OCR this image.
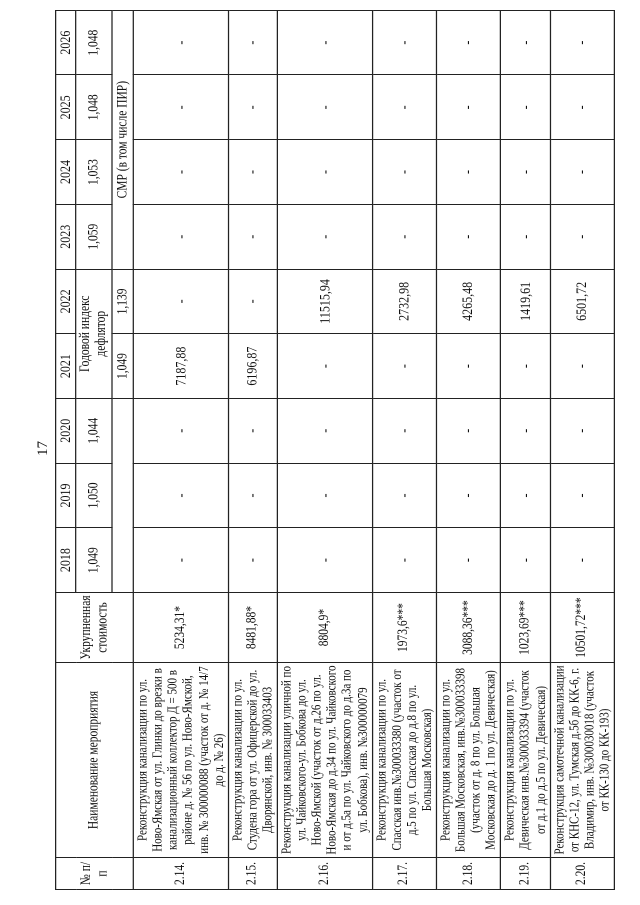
17
№ п/п	Наименование мероприятия	Укрупненная стоимость	2018	2019	2020	2021	2022	2023	2024	2025	2026
			1,049	1,050	1,044	Годовой индекс дефлятор		1,059	1,053	1,048	1,048
						1,049	1,139	СМР (в том числе ПИР)			
2.14.	Реконструкция канализации по ул. Ново-Ямская от ул. Глинки до врезки в канализационный коллектор Д = 500 в районе д. № 56 по ул. Ново-Ямской, инв. № 300000088 (участок от д. № 14/7 до д. № 26)	5234,31*	-	-	-	7187,88	-	-	-	-	-
2.15.	Реконструкция канализации по ул. Студена гора от ул. Офицерской до ул. Дворянской, инв. № 300033403	8481,88*	-	-	-	6196,87	-	-	-	-	-
2.16.	Реконструкция канализации уличной по ул. Чайковского-ул. Бобкова до ул. Ново-Ямской (участок от д.26 по ул. Ново-Ямская до д.34 по ул. Чайковского и от д.5а по ул. Чайковского до д.3а по ул. Бобкова), инв. №300000079	8804,9*	-	-	-	-	11515,94	-	-	-	-
2.17.	Реконструкция канализации по ул. Спасская инв.№300033380 (участок от д.5 по ул. Спасская до д.8 по ул. Большая Московская)	1973,6***	-	-	-	-	2732,98	-	-	-	-
2.18.	Реконструкция канализации по ул. Большая Московская, инв.№300033398 (участок от д. 8 по ул. Большая Московская до д. 1 по ул. Девическая)	3088,36***	-	-	-	-	4265,48	-	-	-	-
2.19.	Реконструкция канализации по ул. Девическая инв.№300033394 (участок от д.1 до д.5 по ул. Девическая)	1023,69***	-	-	-	-	1419,61	-	-	-	-
2.20.	Реконструкция самотечной канализации от КНС-12, ул. Тумская д.5б до КК-6, г. Владимир, инв. №300030018 (участок от КК-130 до КК-193)	10501,72***	-	-	-	-	6501,72	-	-	-	-
